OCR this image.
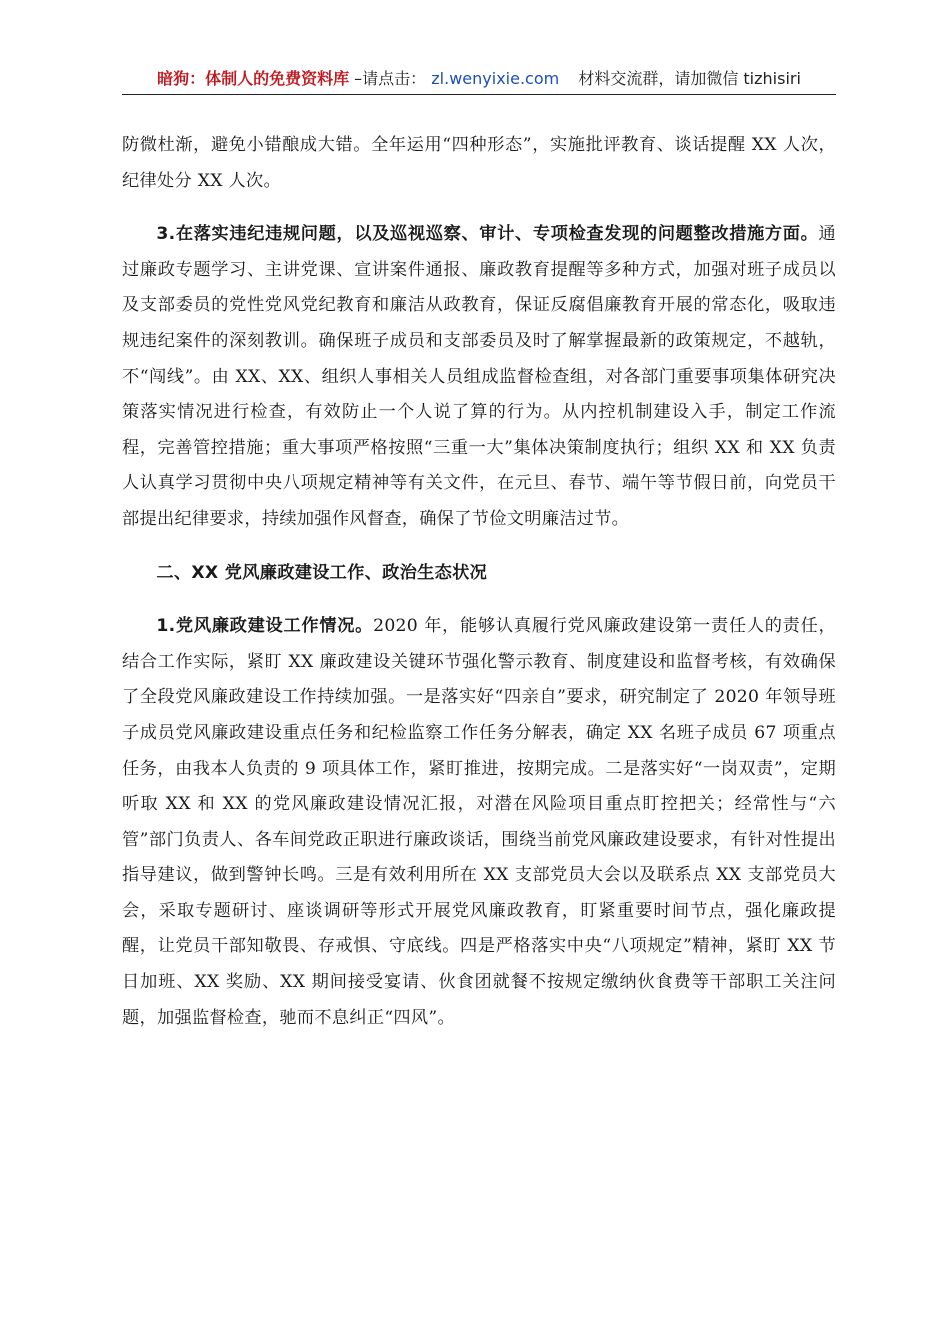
暗狗：体制人的免费资料库 –请点击： zl.wenyixie.com 材料交流群，请加微信 tizhisiri

防微杜渐，避免小错酿成大错。全年运用“四种形态”，实施批评教育、谈话提醒 XX 人次，纪律处分 XX 人次。

3.在落实违纪违规问题，以及巡视巡察、审计、专项检查发现的问题整改措施方面。通过廉政专题学习、主讲党课、宣讲案件通报、廉政教育提醒等多种方式，加强对班子成员以及支部委员的党性党风党纪教育和廉洁从政教育，保证反腐倡廉教育开展的常态化，吸取违规违纪案件的深刻教训。确保班子成员和支部委员及时了解掌握最新的政策规定，不越轨，不“闯线”。由 XX、XX、组织人事相关人员组成监督检查组，对各部门重要事项集体研究决策落实情况进行检查，有效防止一个人说了算的行为。从内控机制建设入手，制定工作流程，完善管控措施；重大事项严格按照“三重一大”集体决策制度执行；组织 XX 和 XX 负责人认真学习贯彻中央八项规定精神等有关文件，在元旦、春节、端午等节假日前，向党员干部提出纪律要求，持续加强作风督查，确保了节俭文明廉洁过节。

二、XX 党风廉政建设工作、政治生态状况

1.党风廉政建设工作情况。2020 年，能够认真履行党风廉政建设第一责任人的责任，结合工作实际，紧盯 XX 廉政建设关键环节强化警示教育、制度建设和监督考核，有效确保了全段党风廉政建设工作持续加强。一是落实好“四亲自”要求，研究制定了 2020 年领导班子成员党风廉政建设重点任务和纪检监察工作任务分解表，确定 XX 名班子成员 67 项重点任务，由我本人负责的 9 项具体工作，紧盯推进，按期完成。二是落实好“一岗双责”，定期听取 XX 和 XX 的党风廉政建设情况汇报，对潜在风险项目重点盯控把关；经常性与“六管”部门负责人、各车间党政正职进行廉政谈话，围绕当前党风廉政建设要求，有针对性提出指导建议，做到警钟长鸣。三是有效利用所在 XX 支部党员大会以及联系点 XX 支部党员大会，采取专题研讨、座谈调研等形式开展党风廉政教育，盯紧重要时间节点，强化廉政提醒，让党员干部知敬畏、存戒惧、守底线。四是严格落实中央“八项规定”精神，紧盯 XX 节日加班、XX 奖励、XX 期间接受宴请、伙食团就餐不按规定缴纳伙食费等干部职工关注问题，加强监督检查，驰而不息纠正“四风”。
